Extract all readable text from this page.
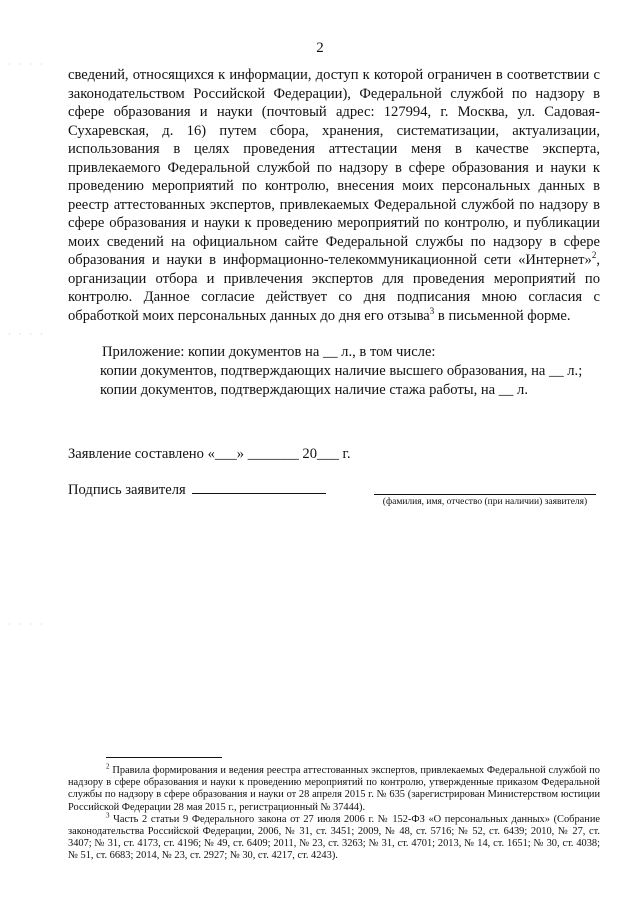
· · · ·
· · · ·
· · · ·
2
сведений, относящихся к информации, доступ к которой ограничен в соответствии с законодательством Российской Федерации), Федеральной службой по надзору в сфере образования и науки (почтовый адрес: 127994, г. Москва, ул. Садовая-Сухаревская, д. 16) путем сбора, хранения, систематизации, актуализации, использования в целях проведения аттестации меня в качестве эксперта, привлекаемого Федеральной службой по надзору в сфере образования и науки к проведению мероприятий по контролю, внесения моих персональных данных в реестр аттестованных экспертов, привлекаемых Федеральной службой по надзору в сфере образования и науки к проведению мероприятий по контролю, и публикации моих сведений на официальном сайте Федеральной службы по надзору в сфере образования и науки в информационно-телекоммуникационной сети «Интернет»$^2$, организации отбора и привлечения экспертов для проведения мероприятий по контролю. Данное согласие действует со дня подписания мною согласия с обработкой моих персональных данных до дня его отзыва$^3$ в письменной форме.
Приложение: копии документов на __ л., в том числе:
копии документов, подтверждающих наличие высшего образования, на __ л.;
копии документов, подтверждающих наличие стажа работы, на __ л.
Заявление составлено «___» _______ 20___ г.
Подпись заявителя
(фамилия, имя, отчество (при наличии) заявителя)

$^2$ Правила формирования и ведения реестра аттестованных экспертов, привлекаемых Федеральной службой по надзору в сфере образования и науки к проведению мероприятий по контролю, утвержденные приказом Федеральной службы по надзору в сфере образования и науки от 28 апреля 2015 г. № 635 (зарегистрирован Министерством юстиции Российской Федерации 28 мая 2015 г., регистрационный № 37444).

$^3$ Часть 2 статьи 9 Федерального закона от 27 июля 2006 г. № 152-ФЗ «О персональных данных» (Собрание законодательства Российской Федерации, 2006, № 31, ст. 3451; 2009, № 48, ст. 5716; № 52, ст. 6439; 2010, № 27, ст. 3407; № 31, ст. 4173, ст. 4196; № 49, ст. 6409; 2011, № 23, ст. 3263; № 31, ст. 4701; 2013, № 14, ст. 1651; № 30, ст. 4038; № 51, ст. 6683; 2014, № 23, ст. 2927; № 30, ст. 4217, ст. 4243).
